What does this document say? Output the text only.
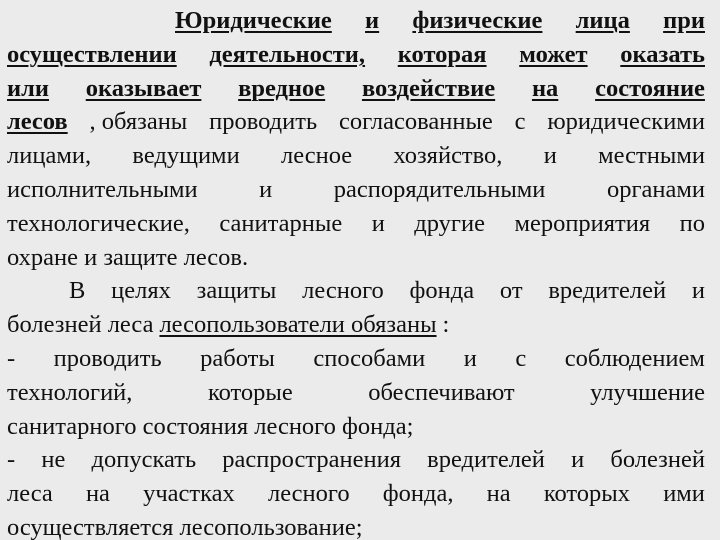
Юридические и физические лица при
осуществлении деятельности, которая может оказать
или оказывает вредное воздействие на состояние
лесов , обязаны проводить согласованные с юридическими
лицами, ведущими лесное хозяйство, и местными
исполнительными	и	распорядительными	органами
технологические, санитарные и другие мероприятия по
охране и защите лесов.
В целях защиты лесного фонда от вредителей и
болезней леса лесопользователи обязаны :
- проводить работы способами и с соблюдением
технологий,	которые	обеспечивают	улучшение
санитарного состояния лесного фонда;
- не допускать распространения вредителей и болезней
леса на участках лесного фонда, на которых ими
осуществляется лесопользование;
